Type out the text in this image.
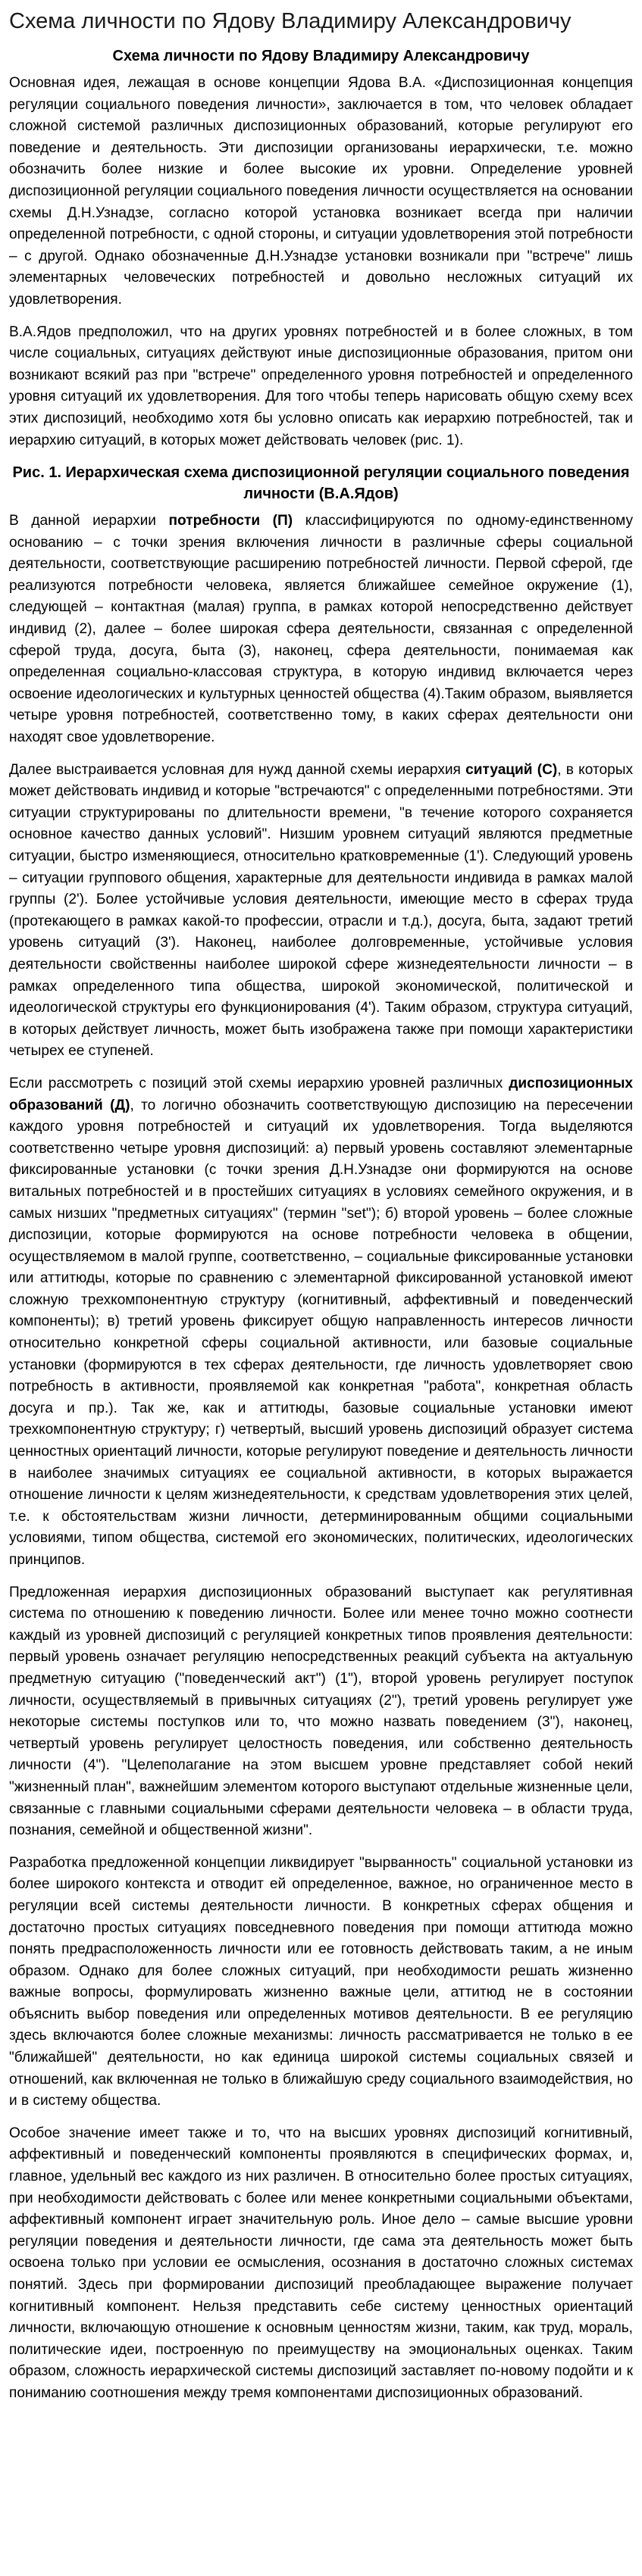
Схема личности по Ядову Владимиру Александровичу
Схема личности по Ядову Владимиру Александровичу

Основная идея, лежащая в основе концепции Ядова В.А. «Диспозиционная концепция регуляции социального поведения личности», заключается в том, что человек обладает сложной системой различных диспозиционных образований, которые регулируют его поведение и деятельность. Эти диспозиции организованы иерархически, т.е. можно обозначить более низкие и более высокие их уровни. Определение уровней диспозиционной регуляции социального поведения личности осуществляется на основании схемы Д.Н.Узнадзе, согласно которой установка возникает всегда при наличии определенной потребности, с одной стороны, и ситуации удовлетворения этой потребности – с другой. Однако обозначенные Д.Н.Узнадзе установки возникали при "встрече" лишь элементарных человеческих потребностей и довольно несложных ситуаций их удовлетворения.

В.А.Ядов предположил, что на других уровнях потребностей и в более сложных, в том числе социальных, ситуациях действуют иные диспозиционные образования, притом они возникают всякий раз при "встрече" определенного уровня потребностей и определенного уровня ситуаций их удовлетворения. Для того чтобы теперь нарисовать общую схему всех этих диспозиций, необходимо хотя бы условно описать как иерархию потребностей, так и иерархию ситуаций, в которых может действовать человек (рис. 1).

Рис. 1. Иерархическая схема диспозиционной регуляции социального поведения личности (В.А.Ядов)

В данной иерархии потребности (П) классифицируются по одному-единственному основанию – с точки зрения включения личности в различные сферы социальной деятельности, соответствующие расширению потребностей личности. Первой сферой, где реализуются потребности человека, является ближайшее семейное окружение (1), следующей – контактная (малая) группа, в рамках которой непосредственно действует индивид (2), далее – более широкая сфера деятельности, связанная с определенной сферой труда, досуга, быта (3), наконец, сфера деятельности, понимаемая как определенная социально-классовая структура, в которую индивид включается через освоение идеологических и культурных ценностей общества (4).Таким образом, выявляется четыре уровня потребностей, соответственно тому, в каких сферах деятельности они находят свое удовлетворение.

Далее выстраивается условная для нужд данной схемы иерархия ситуаций (С), в которых может действовать индивид и которые "встречаются" с определенными потребностями. Эти ситуации структурированы по длительности времени, "в течение которого сохраняется основное качество данных условий". Низшим уровнем ситуаций являются предметные ситуации, быстро изменяющиеся, относительно кратковременные (1'). Следующий уровень – ситуации группового общения, характерные для деятельности индивида в рамках малой группы (2'). Более устойчивые условия деятельности, имеющие место в сферах труда (протекающего в рамках какой-то профессии, отрасли и т.д.), досуга, быта, задают третий уровень ситуаций (3'). Наконец, наиболее долговременные, устойчивые условия деятельности свойственны наиболее широкой сфере жизнедеятельности личности – в рамках определенного типа общества, широкой экономической, политической и идеологической структуры его функционирования (4'). Таким образом, структура ситуаций, в которых действует личность, может быть изображена также при помощи характеристики четырех ее ступеней.

Если рассмотреть с позиций этой схемы иерархию уровней различных диспозиционных образований (Д), то логично обозначить соответствующую диспозицию на пересечении каждого уровня потребностей и ситуаций их удовлетворения. Тогда выделяются соответственно четыре уровня диспозиций: а) первый уровень составляют элементарные фиксированные установки (с точки зрения Д.Н.Узнадзе они формируются на основе витальных потребностей и в простейших ситуациях в условиях семейного окружения, и в самых низших "предметных ситуациях" (термин "set"); б) второй уровень – более сложные диспозиции, которые формируются на основе потребности человека в общении, осуществляемом в малой группе, соответственно, – социальные фиксированные установки или аттитюды, которые по сравнению с элементарной фиксированной установкой имеют сложную трехкомпонентную структуру (когнитивный, аффективный и поведенческий компоненты); в) третий уровень фиксирует общую направленность интересов личности относительно конкретной сферы социальной активности, или базовые социальные установки (формируются в тех сферах деятельности, где личность удовлетворяет свою потребность в активности, проявляемой как конкретная "работа", конкретная область досуга и пр.). Так же, как и аттитюды, базовые социальные установки имеют трехкомпонентную структуру; г) четвертый, высший уровень диспозиций образует система ценностных ориентаций личности, которые регулируют поведение и деятельность личности в наиболее значимых ситуациях ее социальной активности, в которых выражается отношение личности к целям жизнедеятельности, к средствам удовлетворения этих целей, т.е. к обстоятельствам жизни личности, детерминированным общими социальными условиями, типом общества, системой его экономических, политических, идеологических принципов.

Предложенная иерархия диспозиционных образований выступает как регулятивная система по отношению к поведению личности. Более или менее точно можно соотнести каждый из уровней диспозиций с регуляцией конкретных типов проявления деятельности: первый уровень означает регуляцию непосредственных реакций субъекта на актуальную предметную ситуацию ("поведенческий акт") (1"), второй уровень регулирует поступок личности, осуществляемый в привычных ситуациях (2"), третий уровень регулирует уже некоторые системы поступков или то, что можно назвать поведением (3"), наконец, четвертый уровень регулирует целостность поведения, или собственно деятельность личности (4"). "Целеполагание на этом высшем уровне представляет собой некий "жизненный план", важнейшим элементом которого выступают отдельные жизненные цели, связанные с главными социальными сферами деятельности человека – в области труда, познания, семейной и общественной жизни".

Разработка предложенной концепции ликвидирует "вырванность" социальной установки из более широкого контекста и отводит ей определенное, важное, но ограниченное место в регуляции всей системы деятельности личности. В конкретных сферах общения и достаточно простых ситуациях повседневного поведения при помощи аттитюда можно понять предрасположенность личности или ее готовность действовать таким, а не иным образом. Однако для более сложных ситуаций, при необходимости решать жизненно важные вопросы, формулировать жизненно важные цели, аттитюд не в состоянии объяснить выбор поведения или определенных мотивов деятельности. В ее регуляцию здесь включаются более сложные механизмы: личность рассматривается не только в ее "ближайшей" деятельности, но как единица широкой системы социальных связей и отношений, как включенная не только в ближайшую среду социального взаимодействия, но и в систему общества.

Особое значение имеет также и то, что на высших уровнях диспозиций когнитивный, аффективный и поведенческий компоненты проявляются в специфических формах, и, главное, удельный вес каждого из них различен. В относительно более простых ситуациях, при необходимости действовать с более или менее конкретными социальными объектами, аффективный компонент играет значительную роль. Иное дело – самые высшие уровни регуляции поведения и деятельности личности, где сама эта деятельность может быть освоена только при условии ее осмысления, осознания в достаточно сложных системах понятий. Здесь при формировании диспозиций преобладающее выражение получает когнитивный компонент. Нельзя представить себе систему ценностных ориентаций личности, включающую отношение к основным ценностям жизни, таким, как труд, мораль, политические идеи, построенную по преимуществу на эмоциональных оценках. Таким образом, сложность иерархической системы диспозиций заставляет по-новому подойти и к пониманию соотношения между тремя компонентами диспозиционных образований.
